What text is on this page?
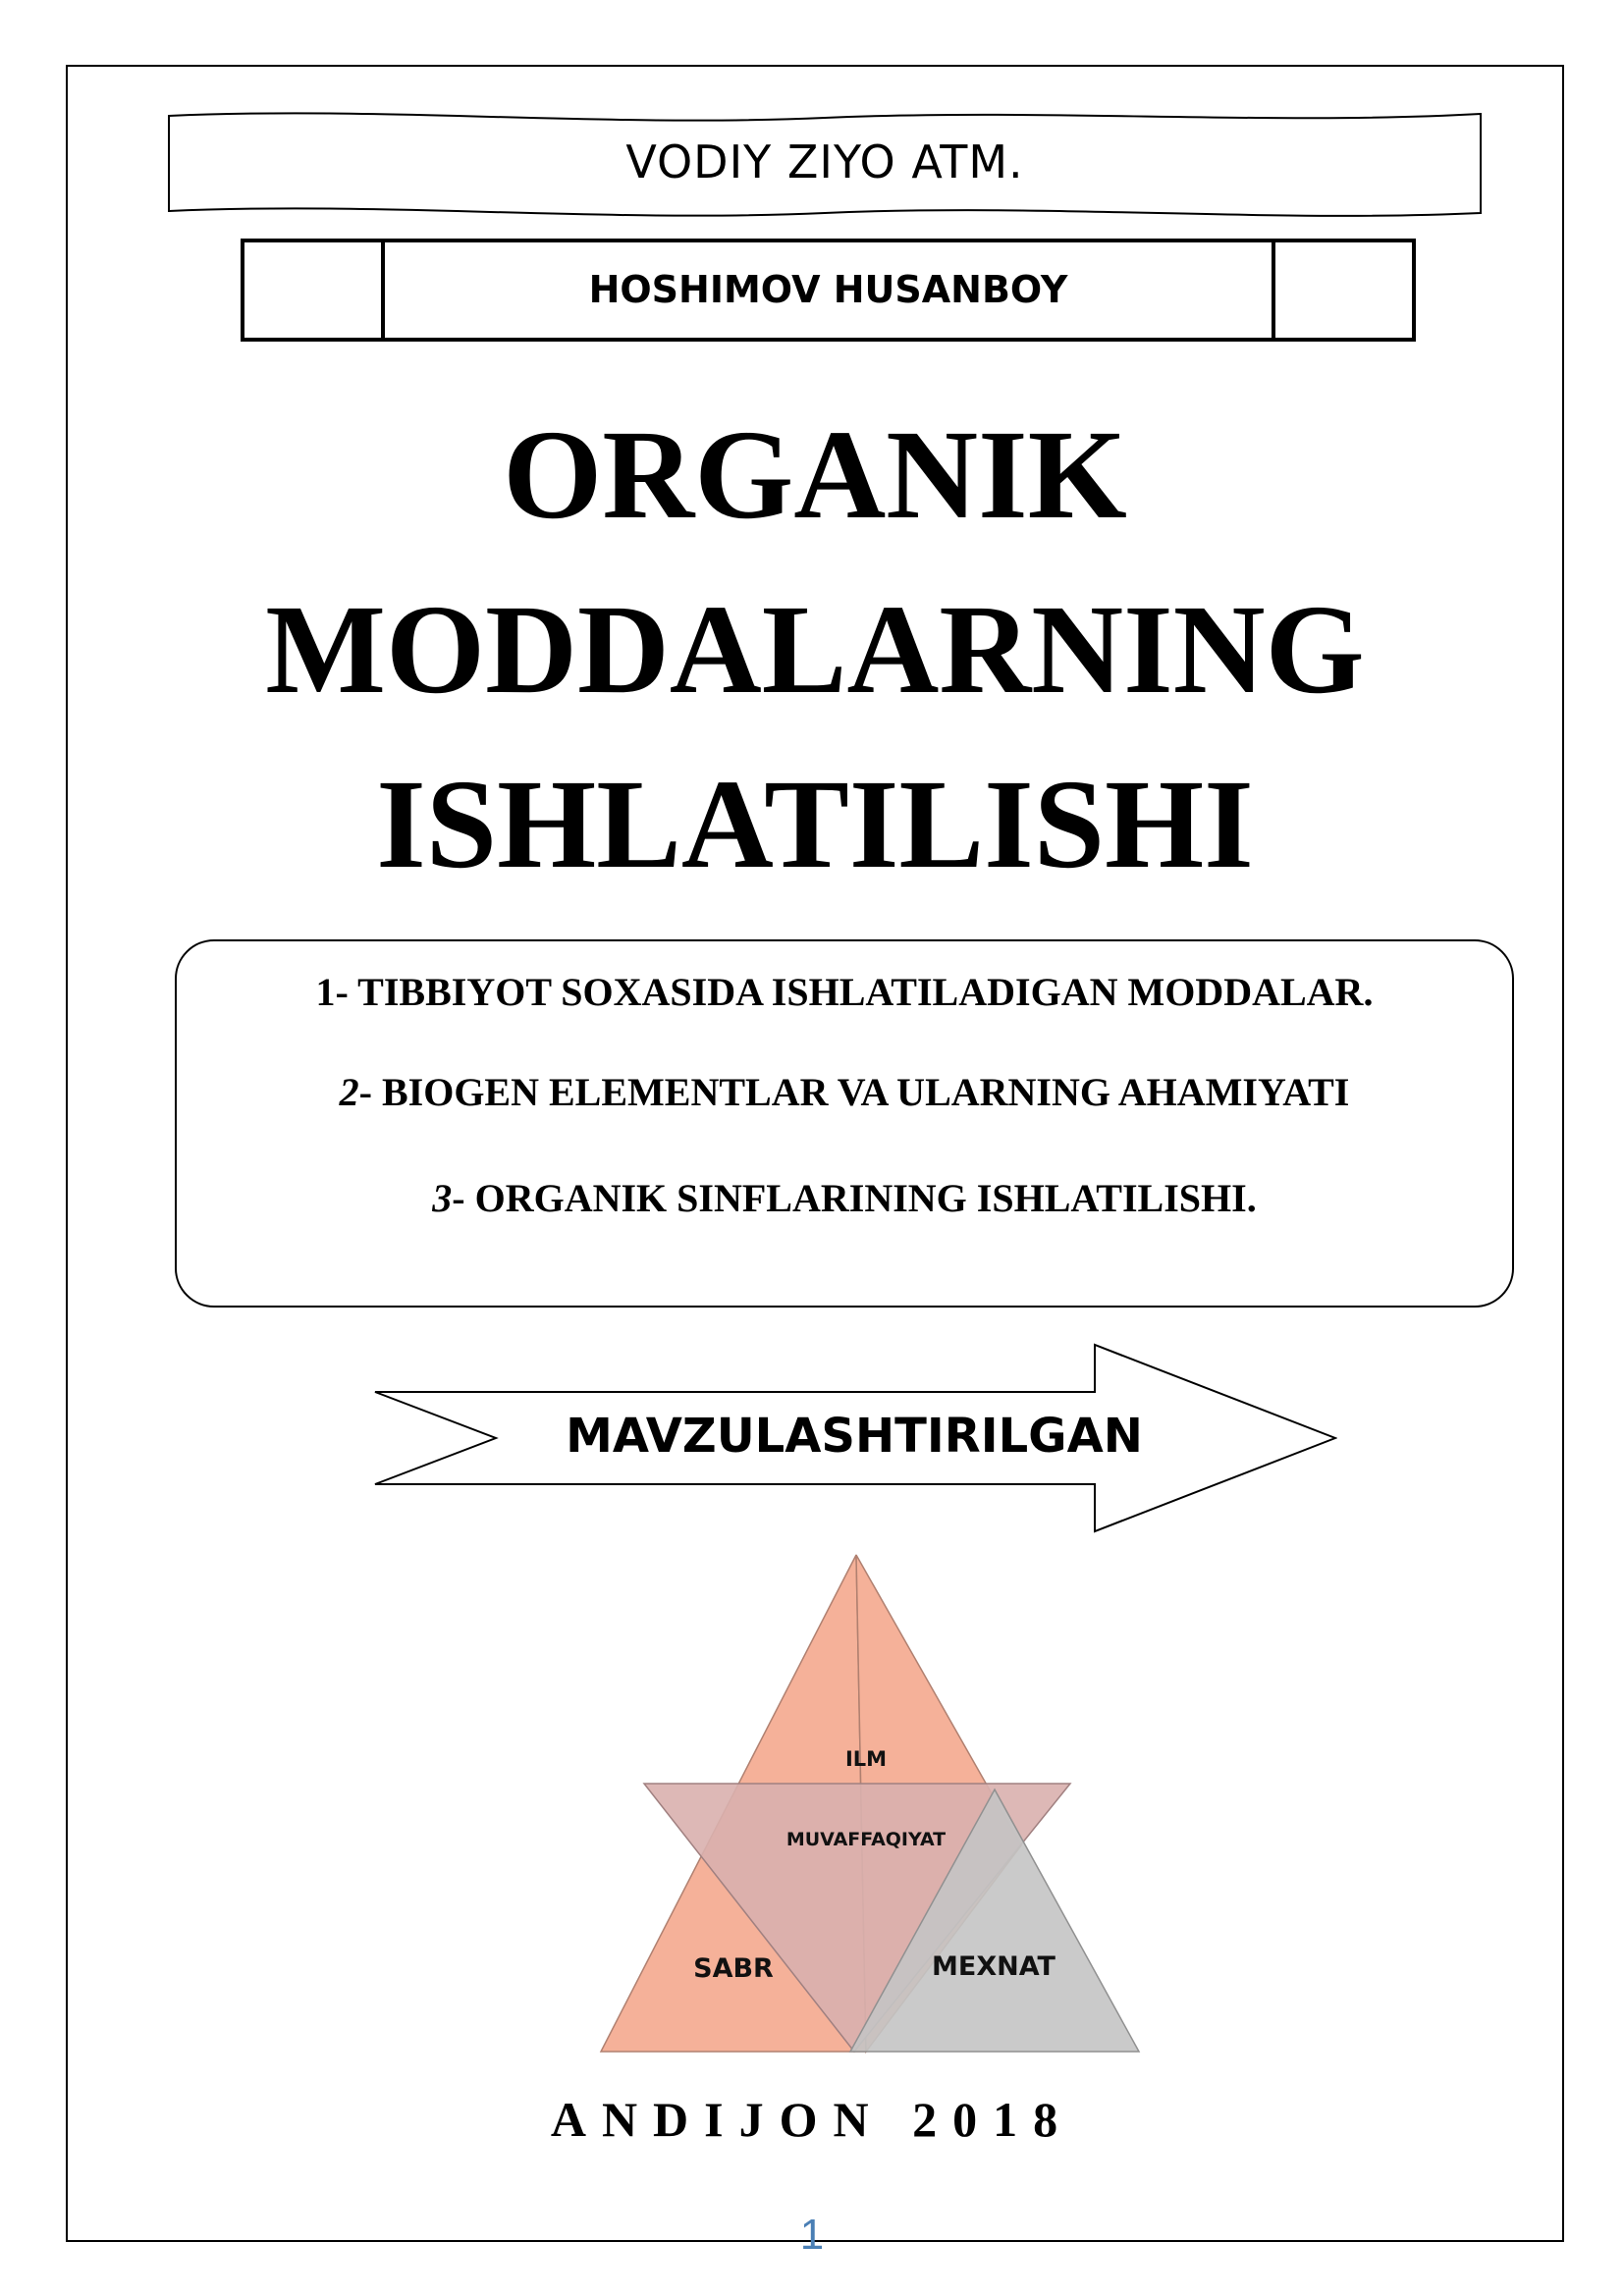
VODIY ZIYO ATM.
HOSHIMOV HUSANBOY
ORGANIK
MODDALARNING
ISHLATILISHI
1- TIBBIYOT SOXASIDA ISHLATILADIGAN MODDALAR.
2- BIOGEN ELEMENTLAR VA ULARNING AHAMIYATI
3- ORGANIK SINFLARINING ISHLATILISHI.
MAVZULASHTIRILGAN
ILM
MUVAFFAQIYAT
SABR	MEXNAT
ANDIJON 2018
1
